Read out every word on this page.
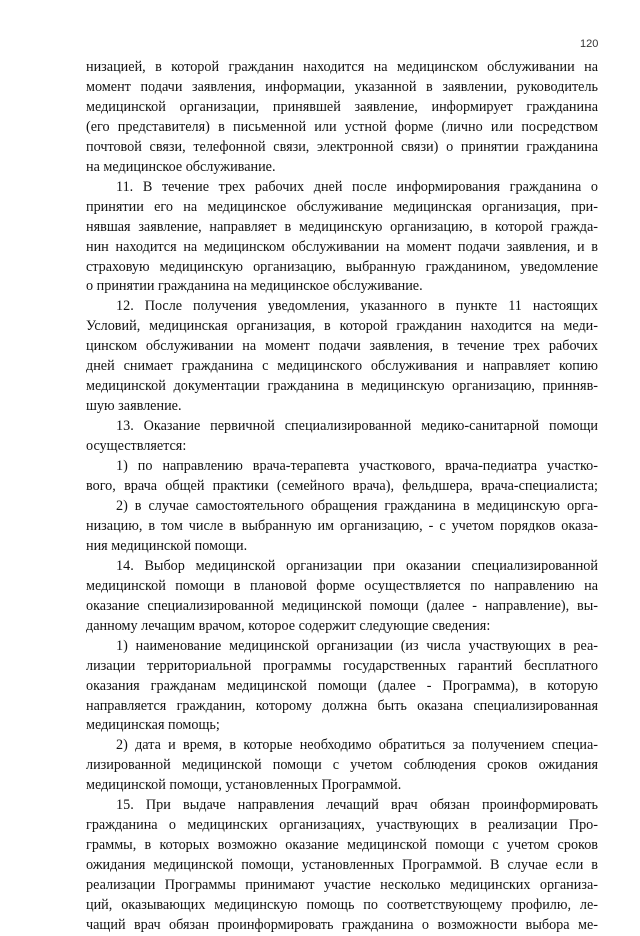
120
низацией, в которой гражданин находится на медицинском обслуживании на
момент подачи заявления, информации, указанной в заявлении, руководитель
медицинской организации, принявшей заявление, информирует гражданина
(его представителя) в письменной или устной форме (лично или посредством
почтовой связи, телефонной связи, электронной связи) о принятии гражданина
на медицинское обслуживание.
11. В течение трех рабочих дней после информирования гражданина о
принятии его на медицинское обслуживание медицинская организация, при-
нявшая заявление, направляет в медицинскую организацию, в которой гражда-
нин находится на медицинском обслуживании на момент подачи заявления, и в
страховую медицинскую организацию, выбранную гражданином, уведомление
о принятии гражданина на медицинское обслуживание.
12. После получения уведомления, указанного в пункте 11 настоящих
Условий, медицинская организация, в которой гражданин находится на меди-
цинском обслуживании на момент подачи заявления, в течение трех рабочих
дней снимает гражданина с медицинского обслуживания и направляет копию
медицинской документации гражданина в медицинскую организацию, принняв-
шую заявление.
13. Оказание первичной специализированной медико-санитарной помощи
осуществляется:
1) по направлению врача-терапевта участкового, врача-педиатра участко-
вого, врача общей практики (семейного врача), фельдшера, врача-специалиста;
2) в случае самостоятельного обращения гражданина в медицинскую орга-
низацию, в том числе в выбранную им организацию, - с учетом порядков оказа-
ния медицинской помощи.
14. Выбор медицинской организации при оказании специализированной
медицинской помощи в плановой форме осуществляется по направлению на
оказание специализированной медицинской помощи (далее - направление), вы-
данному лечащим врачом, которое содержит следующие сведения:
1) наименование медицинской организации (из числа участвующих в реа-
лизации территориальной программы государственных гарантий бесплатного
оказания гражданам медицинской помощи (далее - Программа), в которую
направляется гражданин, которому должна быть оказана специализированная
медицинская помощь;
2) дата и время, в которые необходимо обратиться за получением специа-
лизированной медицинской помощи с учетом соблюдения сроков ожидания
медицинской помощи, установленных Программой.
15. При выдаче направления лечащий врач обязан проинформировать
гражданина о медицинских организациях, участвующих в реализации Про-
граммы, в которых возможно оказание медицинской помощи с учетом сроков
ожидания медицинской помощи, установленных Программой. В случае если в
реализации Программы принимают участие несколько медицинских организа-
ций, оказывающих медицинскую помощь по соответствующему профилю, ле-
чащий врач обязан проинформировать гражданина о возможности выбора ме-
